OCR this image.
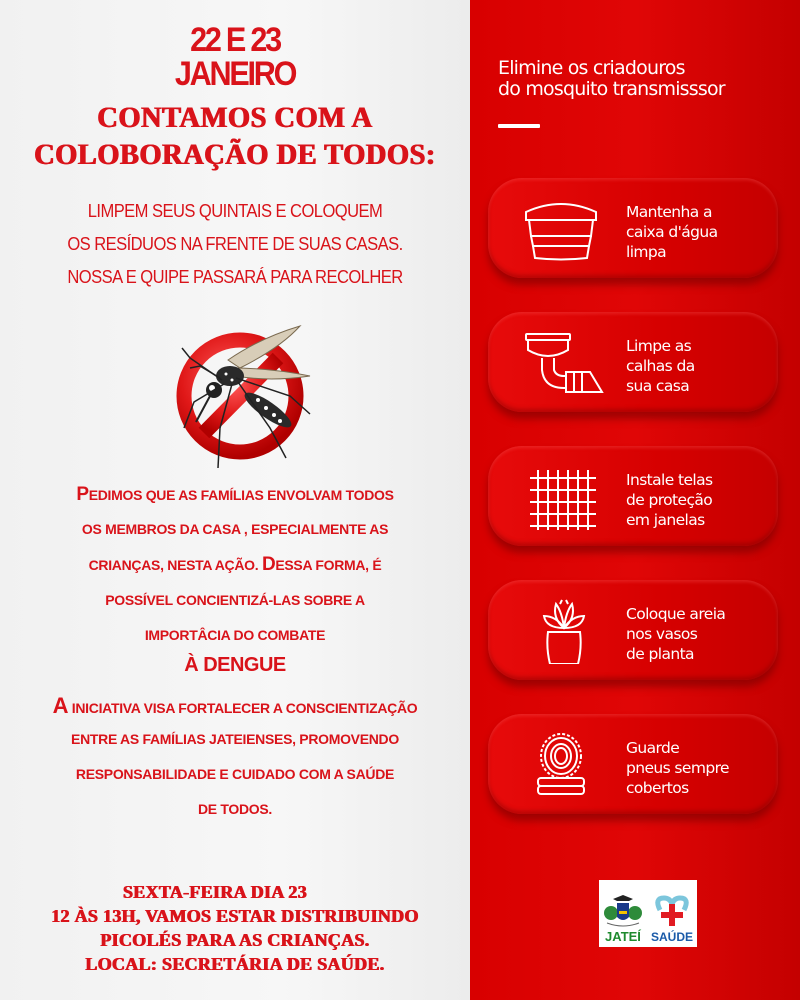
22 E 23
JANEIRO
CONTAMOS COM A
COLOBORAÇÃO DE TODOS:
LIMPEM SEUS QUINTAIS E COLOQUEM
OS RESÍDUOS NA FRENTE DE SUAS CASAS.
NOSSA E QUIPE PASSARÁ PARA RECOLHER
PEDIMOS QUE AS FAMÍLIAS ENVOLVAM TODOS
OS MEMBROS DA CASA , ESPECIALMENTE AS
CRIANÇAS, NESTA AÇÃO. DESSA FORMA, É
POSSÍVEL CONCIENTIZÁ-LAS SOBRE A
IMPORTÂCIA DO COMBATE
À DENGUE
A INICIATIVA VISA FORTALECER A CONSCIENTIZAÇÃO
ENTRE AS FAMÍLIAS JATEIENSES, PROMOVENDO
RESPONSABILIDADE E CUIDADO COM A SAÚDE
DE TODOS.
SEXTA-FEIRA DIA 23
12 ÀS 13H, VAMOS ESTAR DISTRIBUINDO
PICOLÉS PARA AS CRIANÇAS.
LOCAL: SECRETÁRIA DE SAÚDE.
Elimine os criadouros
do mosquito transmisssor
Mantenha a
caixa d'água
limpa
Limpe as
calhas da
sua casa
Instale telas
de proteção
em janelas
Coloque areia
nos vasos
de planta
Guarde
pneus sempre
cobertos
JATEÍ SAÚDE
